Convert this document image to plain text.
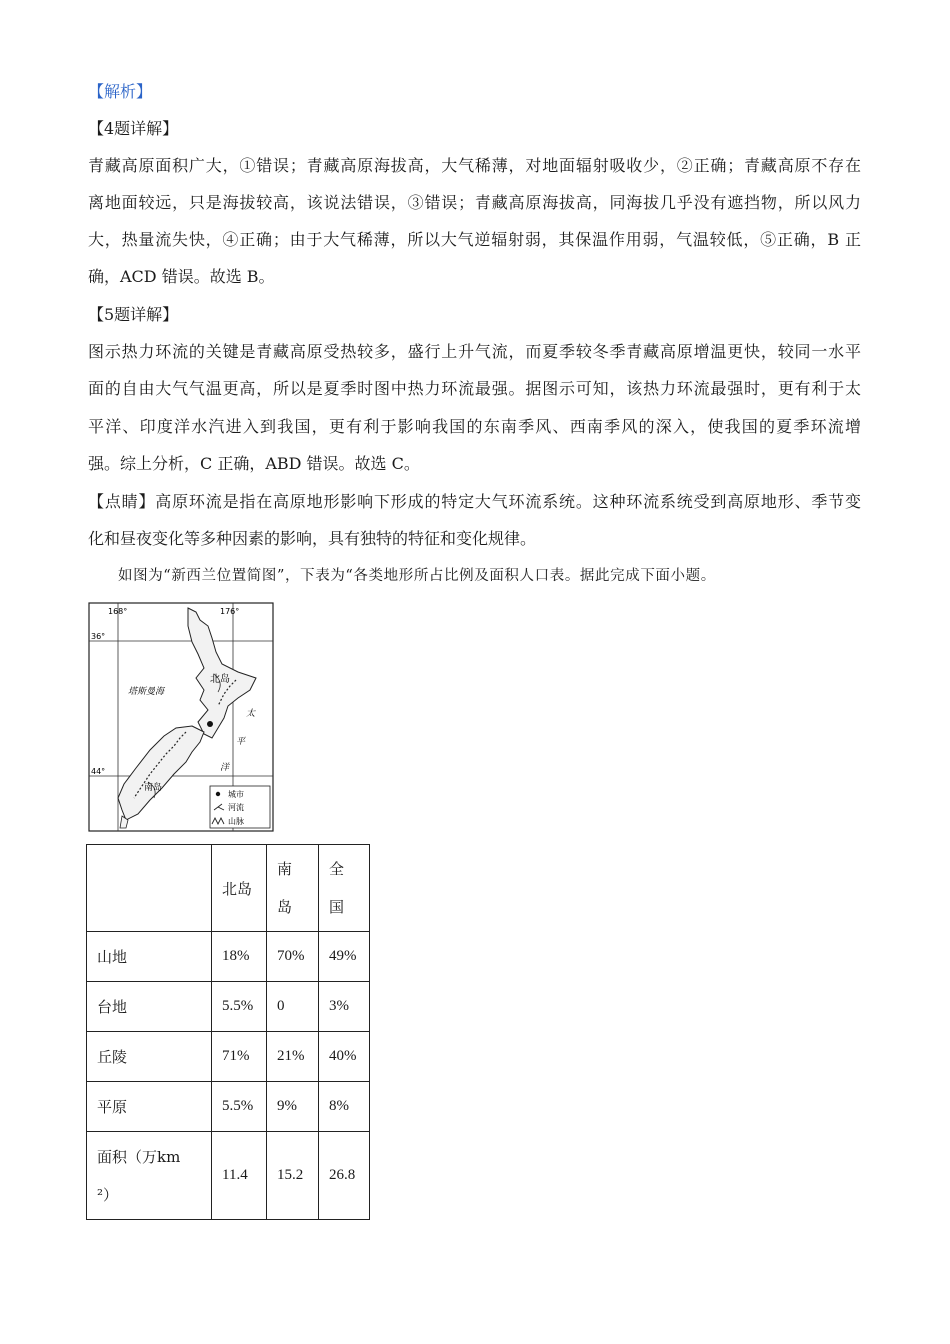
【解析】
【4题详解】
青藏高原面积广大，①错误；青藏高原海拔高，大气稀薄，对地面辐射吸收少，②正确；青藏高原不存在
离地面较远，只是海拔较高，该说法错误，③错误；青藏高原海拔高，同海拔几乎没有遮挡物，所以风力
大，热量流失快，④正确；由于大气稀薄，所以大气逆辐射弱，其保温作用弱，气温较低，⑤正确，B 正
确，ACD 错误。故选 B。
【5题详解】
图示热力环流的关键是青藏高原受热较多，盛行上升气流，而夏季较冬季青藏高原增温更快，较同一水平
面的自由大气气温更高，所以是夏季时图中热力环流最强。据图示可知，该热力环流最强时，更有利于太
平洋、印度洋水汽进入到我国，更有利于影响我国的东南季风、西南季风的深入，使我国的夏季环流增
强。综上分析，C 正确，ABD 错误。故选 C。
【点睛】高原环流是指在高原地形影响下形成的特定大气环流系统。这种环流系统受到高原地形、季节变
化和昼夜变化等多种因素的影响，具有独特的特征和变化规律。
如图为“新西兰位置简图”，下表为“各类地形所占比例及面积人口表。据此完成下面小题。
168°	176°
36°
44°
塔斯曼海
北岛
南岛
太
平
洋
城市
河流
山脉
	北岛	南岛	全国
山地	18%	70%	49%
台地	5.5%	0	3%
丘陵	71%	21%	40%
平原	5.5%	9%	8%
面积（万km²）	11.4	15.2	26.8
